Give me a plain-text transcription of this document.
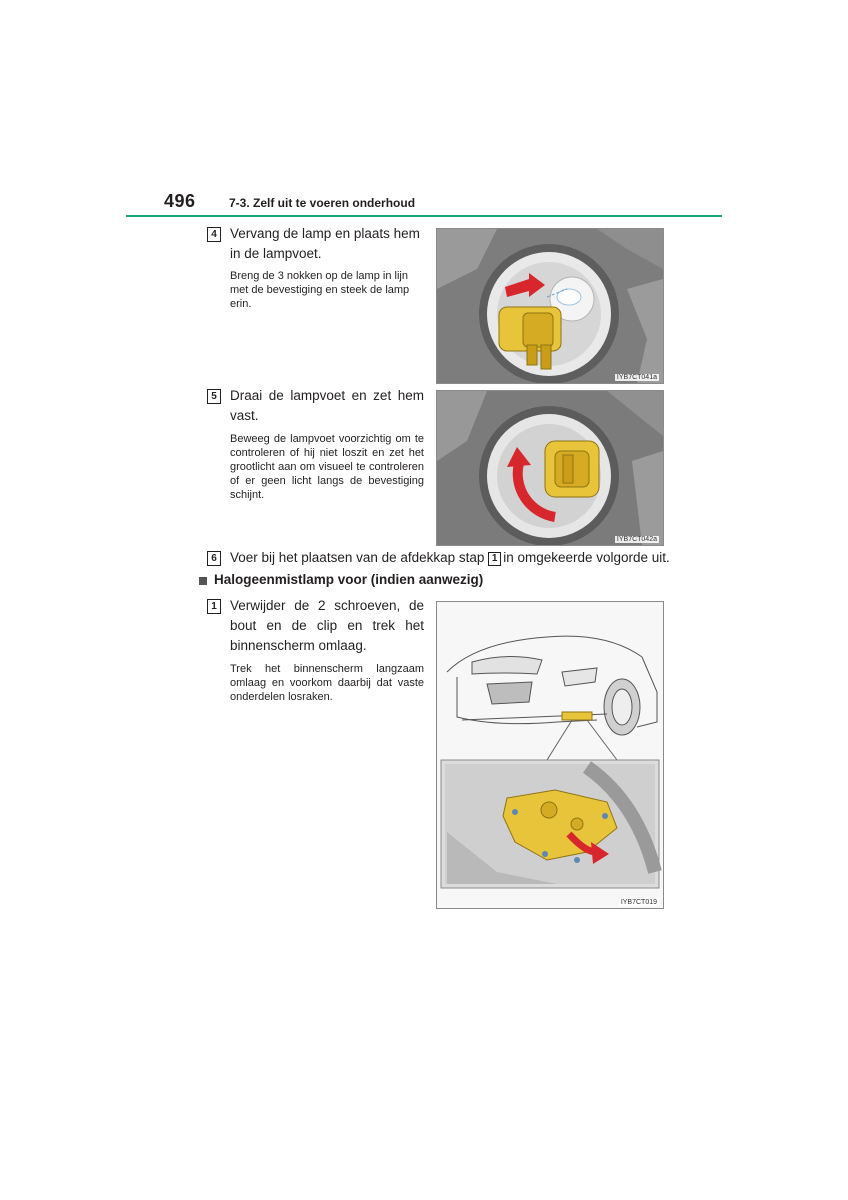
496	7-3. Zelf uit te voeren onderhoud
4 Vervang de lamp en plaats hem in de lampvoet.
Breng de 3 nokken op de lamp in lijn met de bevestiging en steek de lamp erin.
IYB7CT041a
5 Draai de lampvoet en zet hem vast.
Beweeg de lampvoet voorzichtig om te controleren of hij niet loszit en zet het grootlicht aan om visueel te controleren of er geen licht langs de bevestiging schijnt.
IYB7CT042a
6 Voer bij het plaatsen van de afdekkap stap 1 in omgekeerde volgorde uit.
Halogeenmistlamp voor (indien aanwezig)
1 Verwijder de 2 schroeven, de bout en de clip en trek het binnenscherm omlaag.
Trek het binnenscherm langzaam omlaag en voorkom daarbij dat vaste onderdelen losraken.
IYB7CT019
